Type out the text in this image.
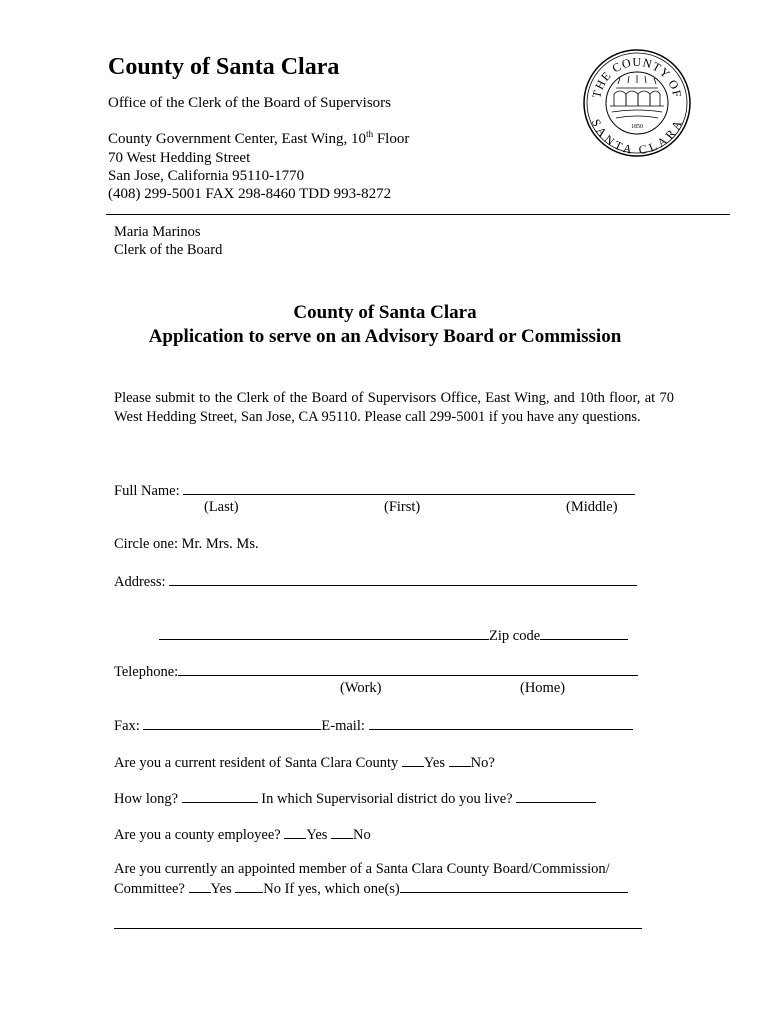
County of Santa Clara
Office of the Clerk of the Board of Supervisors
County Government Center, East Wing, 10th Floor
70 West Hedding Street
San Jose, California 95110-1770
(408) 299-5001 FAX 298-8460 TDD 993-8272
THE COUNTY OF
SANTA CLARA
1850
Maria Marinos
Clerk of the Board
County of Santa Clara
Application to serve on an Advisory Board or Commission
Please submit to the Clerk of the Board of Supervisors Office, East Wing, and 10th floor, at 70 West Hedding Street, San Jose, CA 95110. Please call 299-5001 if you have any questions.
Full Name:
(Last)	(First)	(Middle)
Circle one: Mr. Mrs. Ms.
Address:
Zip code
Telephone:
(Work)	(Home)
Fax:	E-mail:
Are you a current resident of Santa Clara County Yes No?
How long?	In which Supervisorial district do you live?
Are you a county employee? Yes No
Are you currently an appointed member of a Santa Clara County Board/Commission/
Committee? Yes No If yes, which one(s)
